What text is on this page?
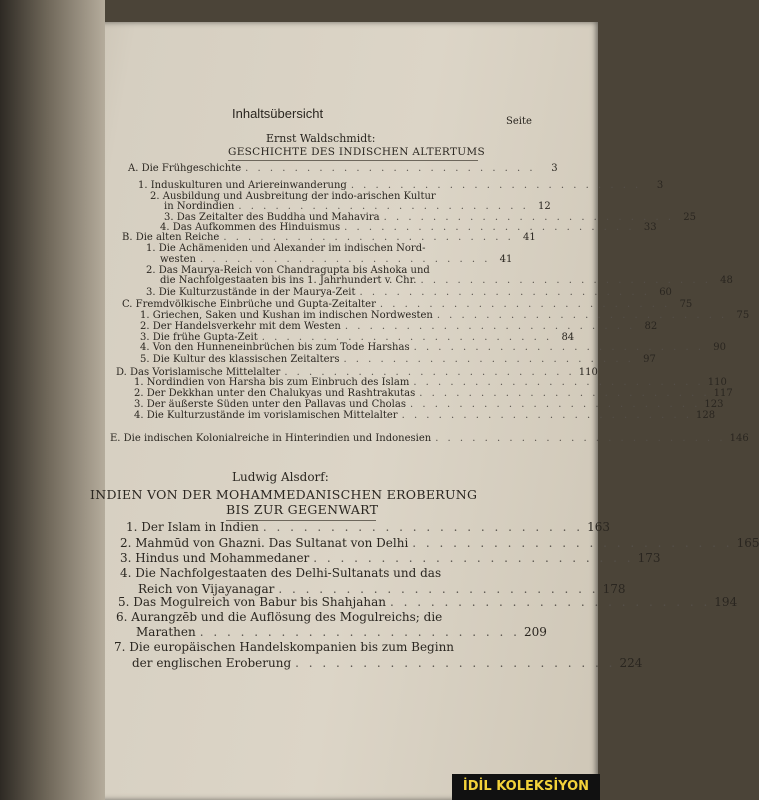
Inhaltsübersicht
Seite
Ernst Waldschmidt:
GESCHICHTE DES INDISCHEN ALTERTUMS
A. Die Frühgeschichte . . . . . . . . . . . . . . . . . . . . . . . .	3
1. Induskulturen und Ariereinwanderung . . . . . . . . . . . . . . . . . . . . . . . .	3
2. Ausbildung und Ausbreitung der indo-arischen Kultur
in Nordindien . . . . . . . . . . . . . . . . . . . . . . . . 12
3. Das Zeitalter des Buddha und Mahavira . . . . . . . . . . . . . . . . . . . . . . . . 25
4. Das Aufkommen des Hinduismus . . . . . . . . . . . . . . . . . . . . . . . . 33
B. Die alten Reiche . . . . . . . . . . . . . . . . . . . . . . . . 41
1. Die Achämeniden und Alexander im indischen Nord-
westen . . . . . . . . . . . . . . . . . . . . . . . . 41
2. Das Maurya-Reich von Chandragupta bis Ashoka und
die Nachfolgestaaten bis ins 1. Jahrhundert v. Chr. . . . . . . . . . . . . . . . . . . . . . . . . 48
3. Die Kulturzustände in der Maurya-Zeit . . . . . . . . . . . . . . . . . . . . . . . . 60
C. Fremdvölkische Einbrüche und Gupta-Zeitalter . . . . . . . . . . . . . . . . . . . . . . . . 75
1. Griechen, Saken und Kushan im indischen Nordwesten . . . . . . . . . . . . . . . . . . . . . . . . 75
2. Der Handelsverkehr mit dem Westen . . . . . . . . . . . . . . . . . . . . . . . . 82
3. Die frühe Gupta-Zeit . . . . . . . . . . . . . . . . . . . . . . . . 84
4. Von den Hunneneinbrüchen bis zum Tode Harshas . . . . . . . . . . . . . . . . . . . . . . . . 90
5. Die Kultur des klassischen Zeitalters . . . . . . . . . . . . . . . . . . . . . . . . 97
D. Das Vorislamische Mittelalter . . . . . . . . . . . . . . . . . . . . . . . . 110
1. Nordindien von Harsha bis zum Einbruch des Islam . . . . . . . . . . . . . . . . . . . . . . . . 110
2. Der Dekkhan unter den Chalukyas und Rashtrakutas . . . . . . . . . . . . . . . . . . . . . . . . 117
3. Der äußerste Süden unter den Pallavas und Cholas . . . . . . . . . . . . . . . . . . . . . . . . 123
4. Die Kulturzustände im vorislamischen Mittelalter . . . . . . . . . . . . . . . . . . . . . . . . 128
E. Die indischen Kolonialreiche in Hinterindien und Indonesien . . . . . . . . . . . . . . . . . . . . . . . . 146
Ludwig Alsdorf:
INDIEN VON DER MOHAMMEDANISCHEN EROBERUNG
BIS ZUR GEGENWART
1. Der Islam in Indien . . . . . . . . . . . . . . . . . . . . . . . . 163
2. Mahmūd von Ghazni. Das Sultanat von Delhi . . . . . . . . . . . . . . . . . . . . . . . . 165
3. Hindus und Mohammedaner . . . . . . . . . . . . . . . . . . . . . . . . 173
4. Die Nachfolgestaaten des Delhi-Sultanats und das
Reich von Vijayanagar . . . . . . . . . . . . . . . . . . . . . . . . 178
5. Das Mogulreich von Babur bis Shahjahan . . . . . . . . . . . . . . . . . . . . . . . . 194
6. Aurangzēb und die Auflösung des Mogulreichs; die
Marathen . . . . . . . . . . . . . . . . . . . . . . . . 209
7. Die europäischen Handelskompanien bis zum Beginn
der englischen Eroberung . . . . . . . . . . . . . . . . . . . . . . . . 224
İDİL KOLEKSİYON
